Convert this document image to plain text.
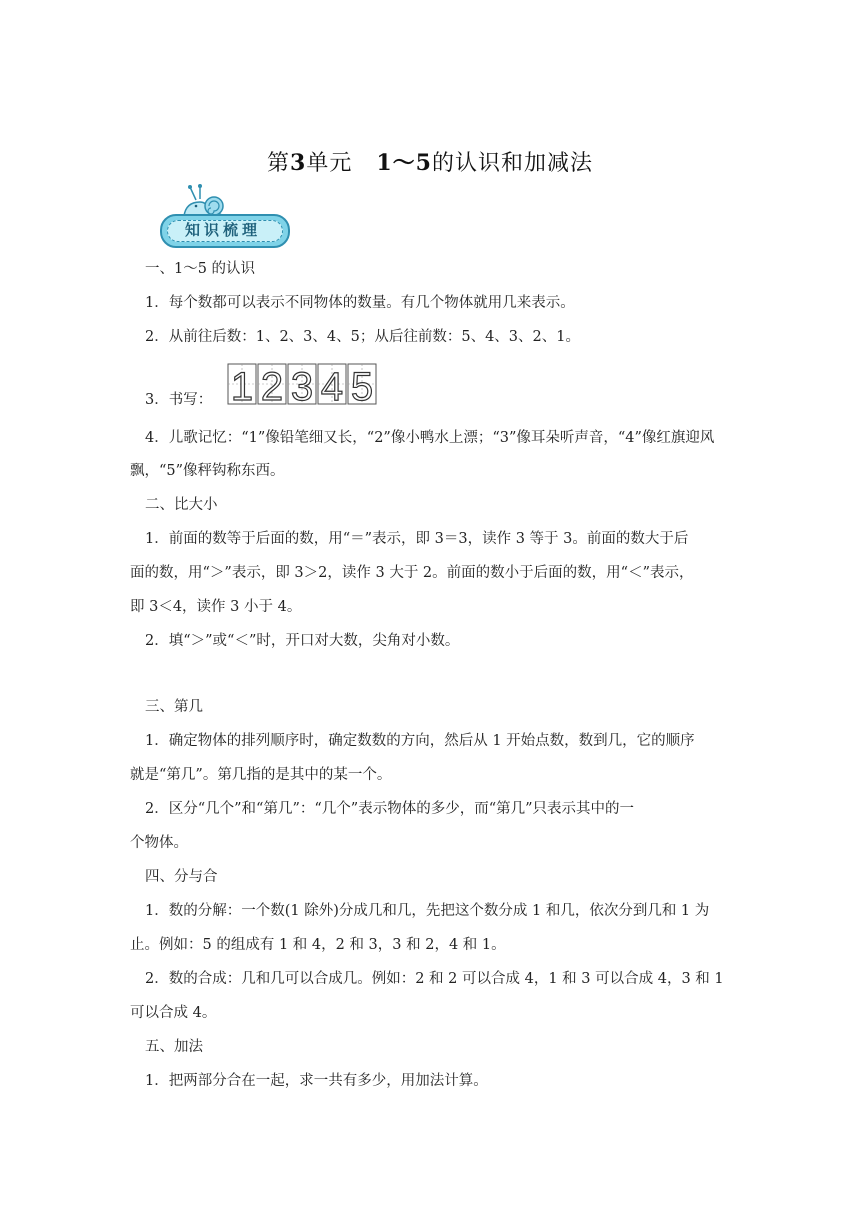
第3单元 1～5的认识和加减法
知识梳理
一、1～5 的认识
1．每个数都可以表示不同物体的数量。有几个物体就用几来表示。
2．从前往后数：1、2、3、4、5；从后往前数：5、4、3、2、1。
3．书写： 1 2 3 4 5
4．儿歌记忆：“1”像铅笔细又长，“2”像小鸭水上漂；“3”像耳朵听声音，“4”像红旗迎风
飘，“5”像秤钩称东西。
二、比大小
1．前面的数等于后面的数，用“＝”表示，即 3＝3，读作 3 等于 3。前面的数大于后
面的数，用“＞”表示，即 3＞2，读作 3 大于 2。前面的数小于后面的数，用“＜”表示，
即 3＜4，读作 3 小于 4。
2．填“＞”或“＜”时，开口对大数，尖角对小数。
三、第几
1．确定物体的排列顺序时，确定数数的方向，然后从 1 开始点数，数到几，它的顺序
就是“第几”。第几指的是其中的某一个。
2．区分“几个”和“第几”：“几个”表示物体的多少，而“第几”只表示其中的一
个物体。
四、分与合
1．数的分解：一个数(1 除外)分成几和几，先把这个数分成 1 和几，依次分到几和 1 为
止。例如：5 的组成有 1 和 4，2 和 3，3 和 2，4 和 1。
2．数的合成：几和几可以合成几。例如：2 和 2 可以合成 4，1 和 3 可以合成 4，3 和 1
可以合成 4。
五、加法
1．把两部分合在一起，求一共有多少，用加法计算。
